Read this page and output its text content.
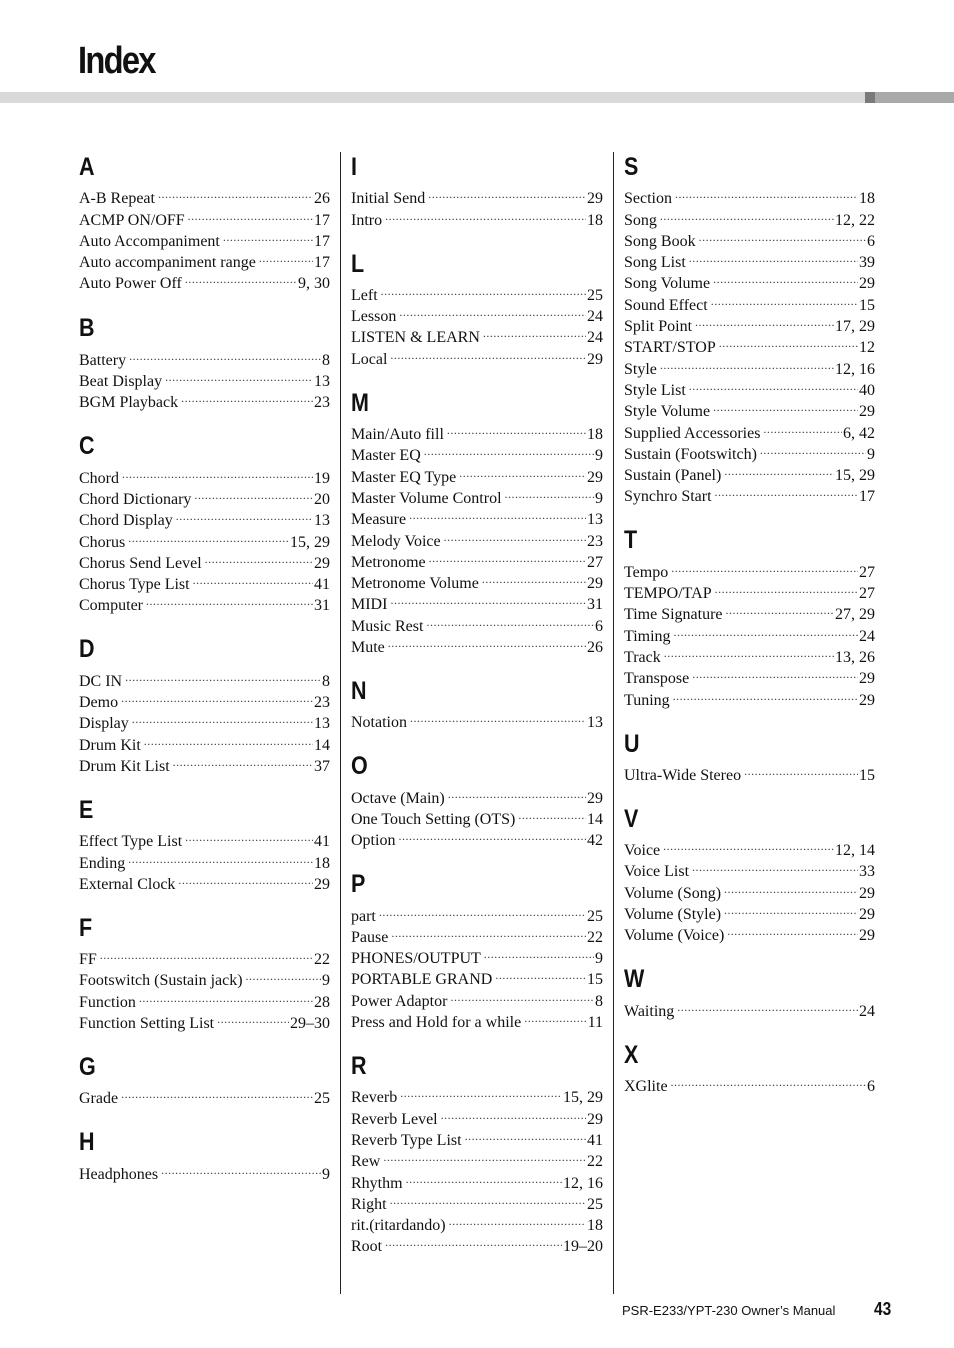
Index
A
A-B Repeat .....	26
ACMP ON/OFF .....	17
Auto Accompaniment .....	17
Auto accompaniment range .....	17
Auto Power Off .....	9, 30
B
Battery .....	8
Beat Display .....	13
BGM Playback .....	23
C
Chord .....	19
Chord Dictionary .....	20
Chord Display .....	13
Chorus .....	15, 29
Chorus Send Level .....	29
Chorus Type List .....	41
Computer .....	31
D
DC IN .....	8
Demo .....	23
Display .....	13
Drum Kit .....	14
Drum Kit List .....	37
E
Effect Type List .....	41
Ending .....	18
External Clock .....	29
F
FF .....	22
Footswitch (Sustain jack) .....	9
Function .....	28
Function Setting List .....	29–30
G
Grade .....	25
H
Headphones .....	9
I
Initial Send .....	29
Intro .....	18
L
Left .....	25
Lesson .....	24
LISTEN & LEARN .....	24
Local .....	29
M
Main/Auto fill .....	18
Master EQ .....	9
Master EQ Type .....	29
Master Volume Control .....	9
Measure .....	13
Melody Voice .....	23
Metronome .....	27
Metronome Volume .....	29
MIDI .....	31
Music Rest .....	6
Mute .....	26
N
Notation .....	13
O
Octave (Main) .....	29
One Touch Setting (OTS) .....	14
Option .....	42
P
part .....	25
Pause .....	22
PHONES/OUTPUT .....	9
PORTABLE GRAND .....	15
Power Adaptor .....	8
Press and Hold for a while .....	11
R
Reverb .....	15, 29
Reverb Level .....	29
Reverb Type List .....	41
Rew .....	22
Rhythm .....	12, 16
Right .....	25
rit.(ritardando) .....	18
Root .....	19–20
S
Section .....	18
Song .....	12, 22
Song Book .....	6
Song List .....	39
Song Volume .....	29
Sound Effect .....	15
Split Point .....	17, 29
START/STOP .....	12
Style .....	12, 16
Style List .....	40
Style Volume .....	29
Supplied Accessories .....	6, 42
Sustain (Footswitch) .....	9
Sustain (Panel) .....	15, 29
Synchro Start .....	17
T
Tempo .....	27
TEMPO/TAP .....	27
Time Signature .....	27, 29
Timing .....	24
Track .....	13, 26
Transpose .....	29
Tuning .....	29
U
Ultra-Wide Stereo .....	15
V
Voice .....	12, 14
Voice List .....	33
Volume (Song) .....	29
Volume (Style) .....	29
Volume (Voice) .....	29
W
Waiting .....	24
X
XGlite .....	6
PSR-E233/YPT-230 Owner’s Manual 43
